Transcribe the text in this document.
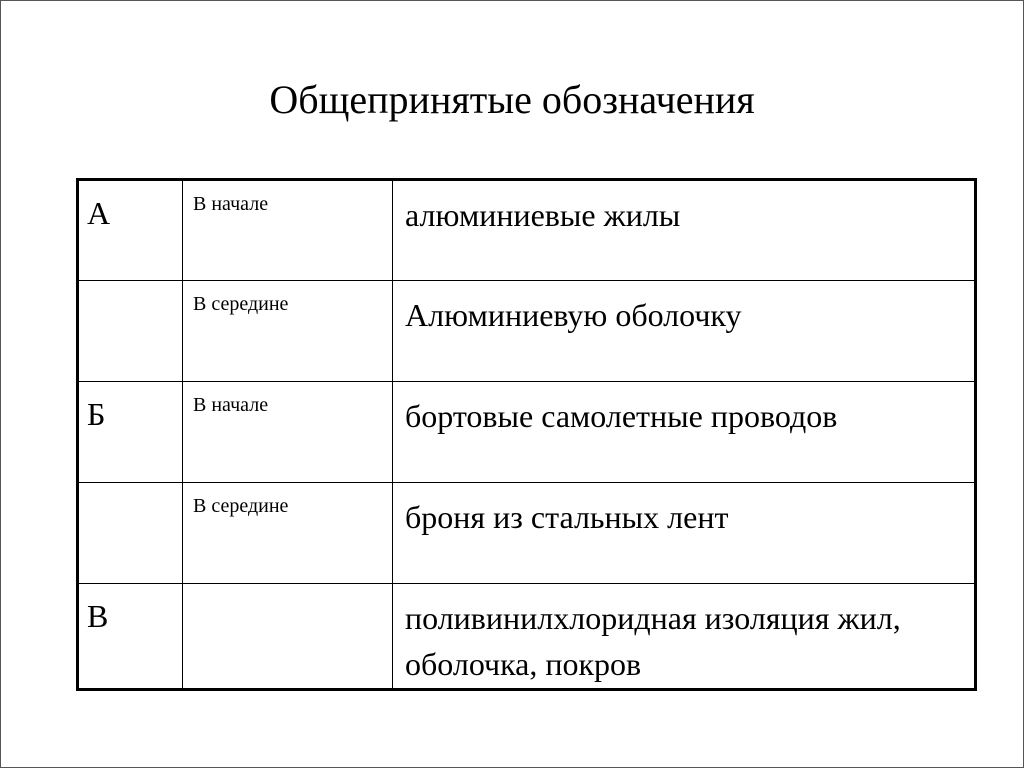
Общепринятые обозначения
А	В начале	алюминиевые жилы
	В середине	Алюминиевую оболочку
Б	В начале	бортовые самолетные проводов
	В середине	броня из стальных лент
В		поливинилхлоридная изоляция жил, оболочка, покров
